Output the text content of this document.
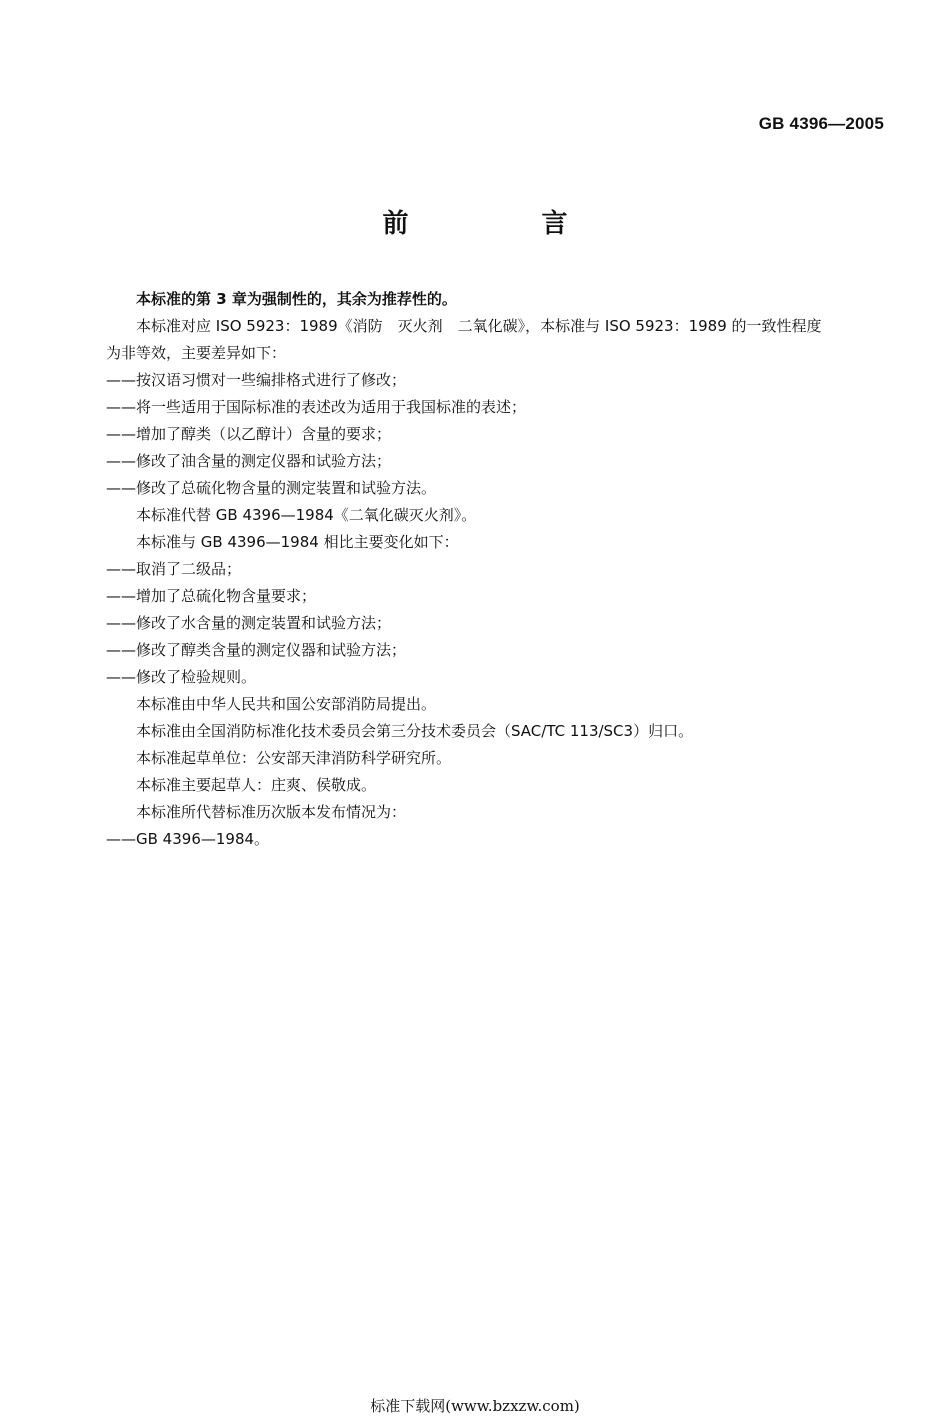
GB 4396—2005
前 言

本标准的第 3 章为强制性的，其余为推荐性的。

本标准对应 ISO 5923：1989《消防　灭火剂　二氧化碳》，本标准与 ISO 5923：1989 的一致性程度

为非等效，主要差异如下：

——按汉语习惯对一些编排格式进行了修改；

——将一些适用于国际标准的表述改为适用于我国标准的表述；

——增加了醇类（以乙醇计）含量的要求；

——修改了油含量的测定仪器和试验方法；

——修改了总硫化物含量的测定装置和试验方法。

本标准代替 GB 4396—1984《二氧化碳灭火剂》。

本标准与 GB 4396—1984 相比主要变化如下：

——取消了二级品；

——增加了总硫化物含量要求；

——修改了水含量的测定装置和试验方法；

——修改了醇类含量的测定仪器和试验方法；

——修改了检验规则。

本标准由中华人民共和国公安部消防局提出。

本标准由全国消防标准化技术委员会第三分技术委员会（SAC/TC 113/SC3）归口。

本标准起草单位：公安部天津消防科学研究所。

本标准主要起草人：庄爽、侯敬成。

本标准所代替标准历次版本发布情况为：

——GB 4396—1984。

标准下载网(www.bzxzw.com)
